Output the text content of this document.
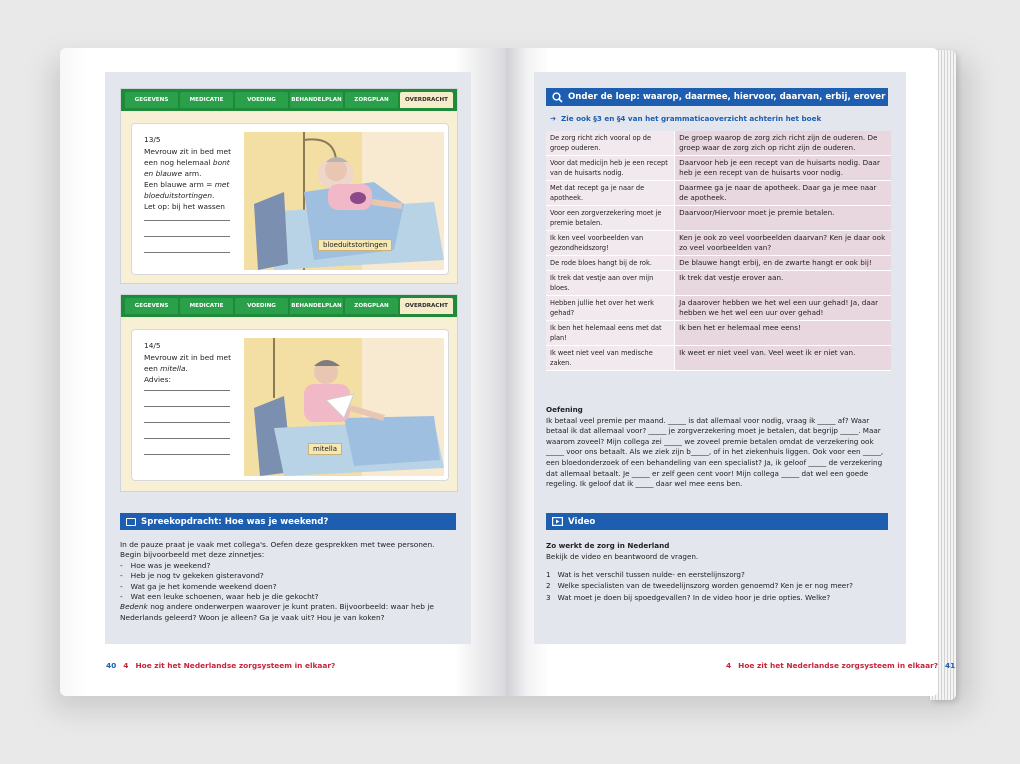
GEGEVENS	MEDICATIE	VOEDING	BEHANDELPLAN	ZORGPLAN	OVERDRACHT
13/5
Mevrouw zit in bed met een nog helemaal bont en blauwe arm.
Een blauwe arm = met bloeduitstortingen.
Let op: bij het wassen
bloeduitstortingen
GEGEVENS	MEDICATIE	VOEDING	BEHANDELPLAN	ZORGPLAN	OVERDRACHT
14/5
Mevrouw zit in bed met een mitella.
Advies:
mitella
Spreekopdracht: Hoe was je weekend?
In de pauze praat je vaak met collega's. Oefen deze gesprekken met twee personen.
Begin bijvoorbeeld met deze zinnetjes:
- Hoe was je weekend?
- Heb je nog tv gekeken gisteravond?
- Wat ga je het komende weekend doen?
- Wat een leuke schoenen, waar heb je die gekocht?
Bedenk nog andere onderwerpen waarover je kunt praten. Bijvoorbeeld: waar heb je Nederlands geleerd? Woon je alleen? Ga je vaak uit? Hou je van koken?
40 4 Hoe zit het Nederlandse zorgsysteem in elkaar?
Onder de loep: waarop, daarmee, hiervoor, daarvan, erbij, erover
➔  Zie ook §3 en §4 van het grammaticaoverzicht achterin het boek
De zorg richt zich vooral op de groep ouderen.	De groep waarop de zorg zich richt zijn de ouderen. De groep waar de zorg zich op richt zijn de ouderen.
Voor dat medicijn heb je een recept van de huisarts nodig.	Daarvoor heb je een recept van de huisarts nodig. Daar heb je een recept van de huisarts voor nodig.
Met dat recept ga je naar de apotheek.	Daarmee ga je naar de apotheek. Daar ga je mee naar de apotheek.
Voor een zorgverzekering moet je premie betalen.	Daarvoor/Hiervoor moet je premie betalen.
Ik ken veel voorbeelden van gezondheidszorg!	Ken je ook zo veel voorbeelden daarvan? Ken je daar ook zo veel voorbeelden van?
De rode bloes hangt bij de rok.	De blauwe hangt erbij, en de zwarte hangt er ook bij!
Ik trek dat vestje aan over mijn bloes.	Ik trek dat vestje erover aan.
Hebben jullie het over het werk gehad?	Ja daarover hebben we het wel een uur gehad! Ja, daar hebben we het wel een uur over gehad!
Ik ben het helemaal eens met dat plan!	Ik ben het er helemaal mee eens!
Ik weet niet veel van medische zaken.	Ik weet er niet veel van. Veel weet ik er niet van.
Oefening
Ik betaal veel premie per maand. _____ is dat allemaal voor nodig, vraag ik _____ af? Waar betaal ik dat allemaal voor? _____ je zorgverzekering moet je betalen, dat begrijp _____. Maar waarom zoveel? Mijn collega zei _____ we zoveel premie betalen omdat de verzekering ook _____ voor ons betaalt. Als we ziek zijn b_____, of in het ziekenhuis liggen. Ook voor een _____, een bloedonderzoek of een behandeling van een specialist? Ja, ik geloof _____ de verzekering dat allemaal betaalt. Je _____ er zelf geen cent voor! Mijn collega _____ dat wel een goede regeling. Ik geloof dat ik _____ daar wel mee eens ben.
Video
Zo werkt de zorg in Nederland
Bekijk de video en beantwoord de vragen.
1 Wat is het verschil tussen nulde- en eerstelijnszorg?
2 Welke specialisten van de tweedelijnszorg worden genoemd? Ken je er nog meer?
3 Wat moet je doen bij spoedgevallen? In de video hoor je drie opties. Welke?
4 Hoe zit het Nederlandse zorgsysteem in elkaar? 41
